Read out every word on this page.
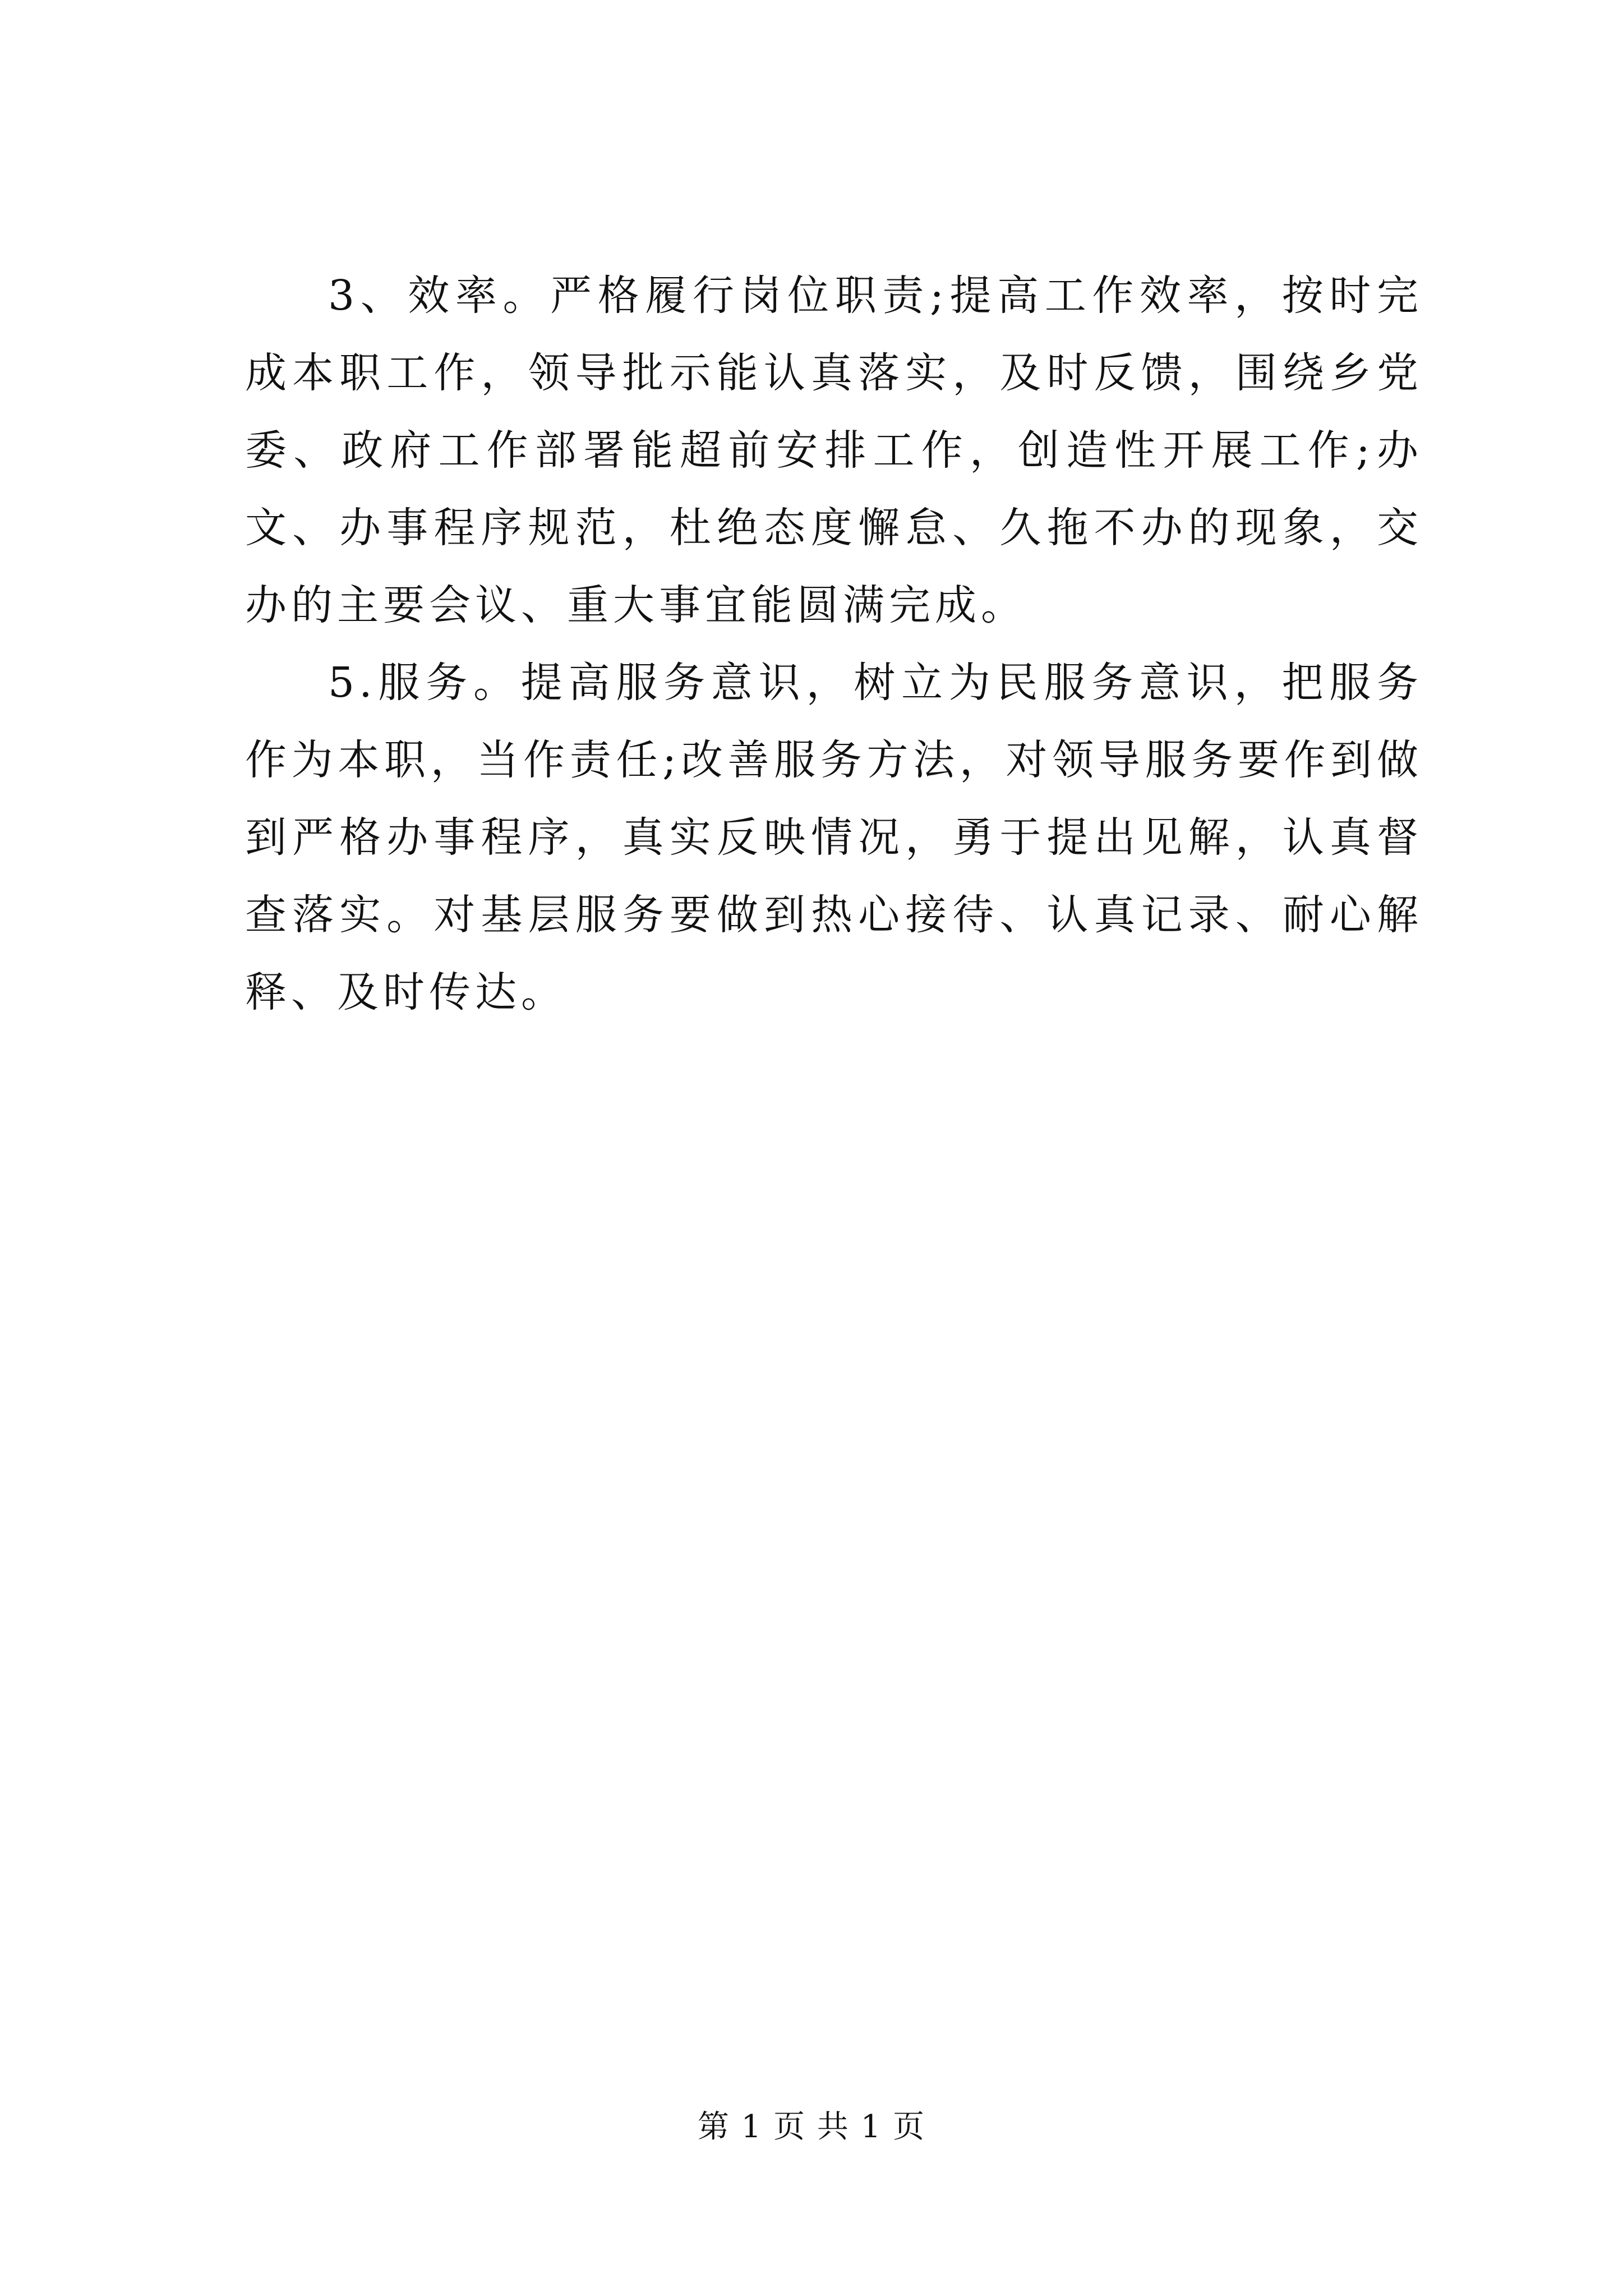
3、效率。严格履行岗位职责;提高工作效率，按时完成本职工作，领导批示能认真落实，及时反馈，围绕乡党委、政府工作部署能超前安排工作，创造性开展工作;办文、办事程序规范，杜绝态度懈怠、久拖不办的现象，交办的主要会议、重大事宜能圆满完成。

5.服务。提高服务意识，树立为民服务意识，把服务作为本职，当作责任;改善服务方法，对领导服务要作到做到严格办事程序，真实反映情况，勇于提出见解，认真督查落实。对基层服务要做到热心接待、认真记录、耐心解释、及时传达。

第 1 页 共 1 页
